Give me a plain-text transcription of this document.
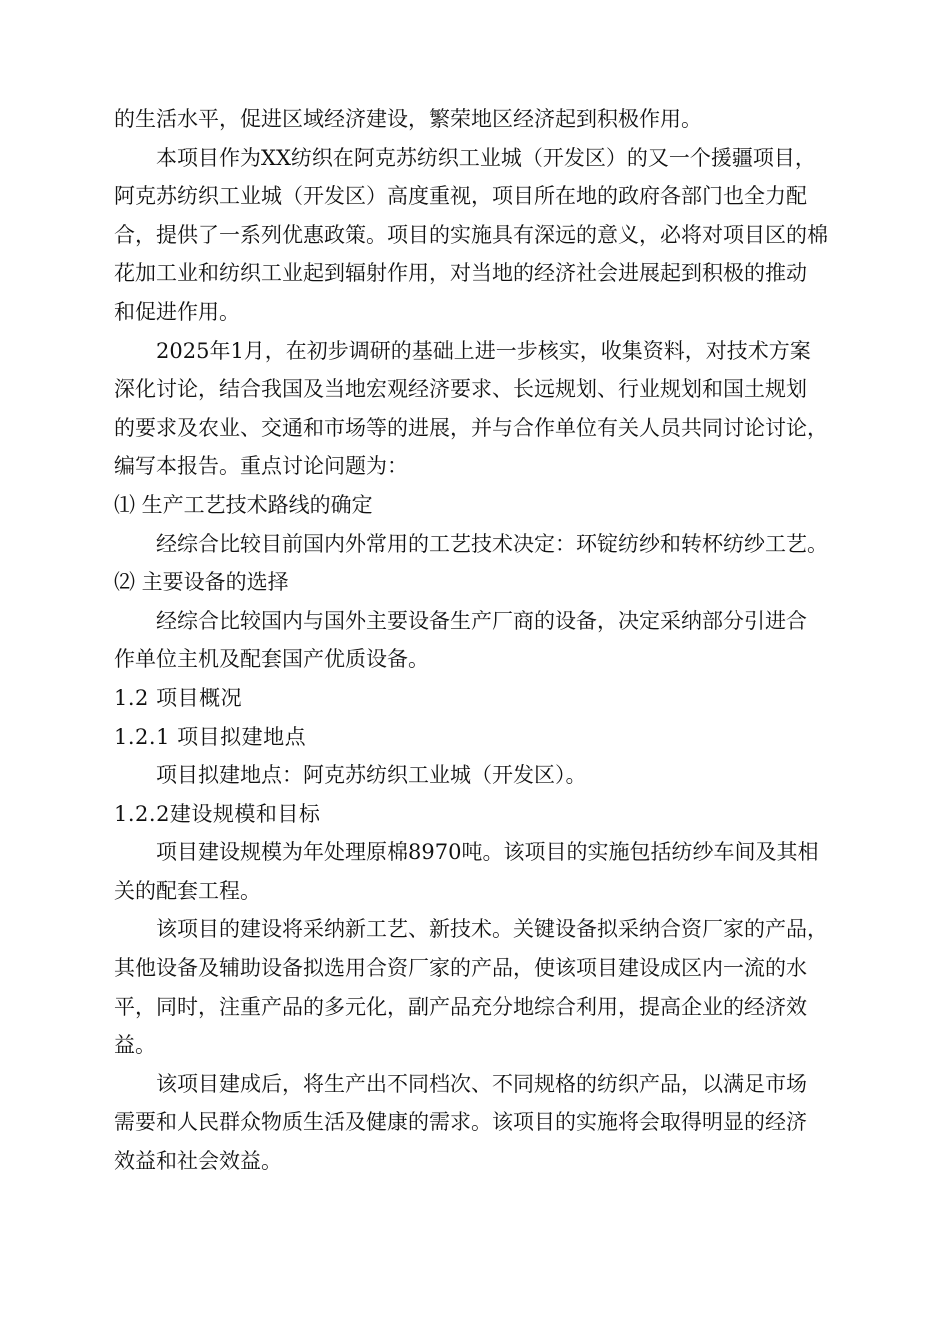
的生活水平，促进区域经济建设，繁荣地区经济起到积极作用。
本项目作为XX纺织在阿克苏纺织工业城（开发区）的又一个援疆项目，
阿克苏纺织工业城（开发区）高度重视，项目所在地的政府各部门也全力配
合，提供了一系列优惠政策。项目的实施具有深远的意义，必将对项目区的棉
花加工业和纺织工业起到辐射作用，对当地的经济社会进展起到积极的推动
和促进作用。
2025年1月，在初步调研的基础上进一步核实，收集资料，对技术方案
深化讨论，结合我国及当地宏观经济要求、长远规划、行业规划和国土规划
的要求及农业、交通和市场等的进展，并与合作单位有关人员共同讨论讨论，
编写本报告。重点讨论问题为：
⑴ 生产工艺技术路线的确定
经综合比较目前国内外常用的工艺技术决定：环锭纺纱和转杯纺纱工艺。
⑵ 主要设备的选择
经综合比较国内与国外主要设备生产厂商的设备，决定采纳部分引进合
作单位主机及配套国产优质设备。
1.2 项目概况
1.2.1 项目拟建地点
项目拟建地点：阿克苏纺织工业城（开发区）。
1.2.2建设规模和目标
项目建设规模为年处理原棉8970吨。该项目的实施包括纺纱车间及其相
关的配套工程。
该项目的建设将采纳新工艺、新技术。关键设备拟采纳合资厂家的产品，
其他设备及辅助设备拟选用合资厂家的产品，使该项目建设成区内一流的水
平，同时，注重产品的多元化，副产品充分地综合利用，提高企业的经济效
益。
该项目建成后，将生产出不同档次、不同规格的纺织产品，以满足市场
需要和人民群众物质生活及健康的需求。该项目的实施将会取得明显的经济
效益和社会效益。
